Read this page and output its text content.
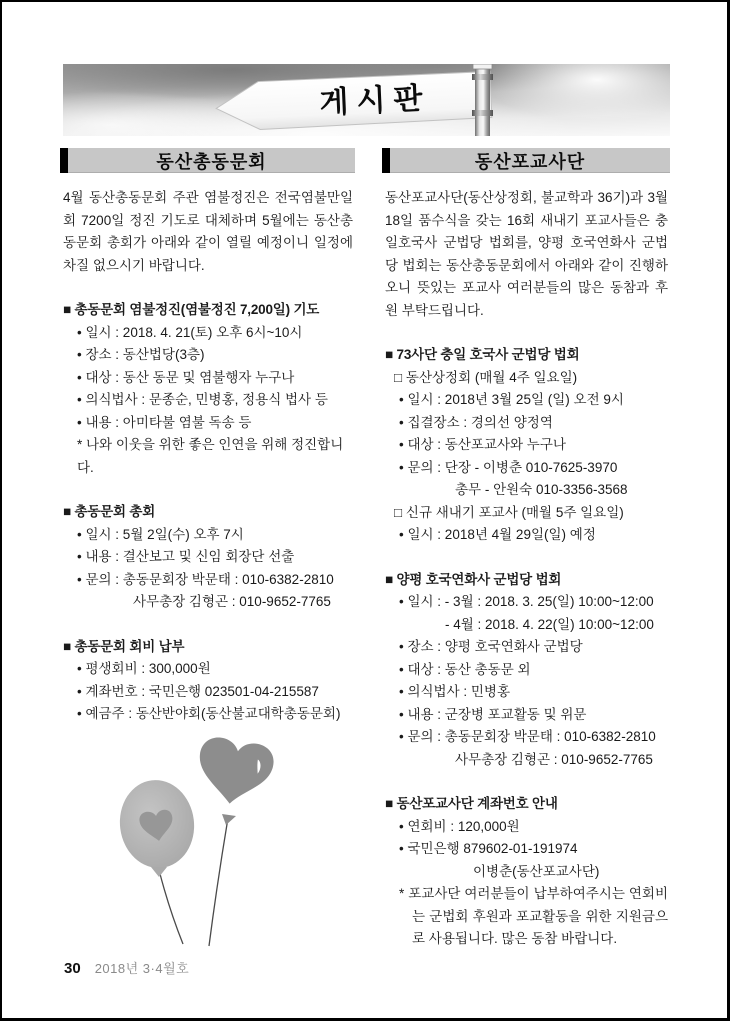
게시판
동산총동문회

4월 동산총동문회 주관 염불정진은 전국염불만일회 7200일 정진 기도로 대체하며 5월에는 동산총동문회 총회가 아래와 같이 열릴 예정이니 일정에 차질 없으시기 바랍니다.

■ 총동문회 염불정진(염불정진 7,200일) 기도
• 일시 : 2018. 4. 21(토) 오후 6시~10시
• 장소 : 동산법당(3층)
• 대상 : 동산 동문 및 염불행자 누구나
• 의식법사 : 문종순, 민병홍, 정용식 법사 등
• 내용 : 아미타불 염불 독송 등
* 나와 이웃을 위한 좋은 인연을 위해 정진합니다.
■ 총동문회 총회
• 일시 : 5월 2일(수) 오후 7시
• 내용 : 결산보고 및 신임 회장단 선출
• 문의 : 총동문회장 박문태 : 010-6382-2810
사무총장 김형곤 : 010-9652-7765
■ 총동문회 회비 납부
• 평생회비 : 300,000원
• 계좌번호 : 국민은행 023501-04-215587
• 예금주 : 동산반야회(동산불교대학총동문회)
동산포교사단

동산포교사단(동산상정회, 불교학과 36기)과 3월 18일 품수식을 갖는 16회 새내기 포교사들은 충일호국사 군법당 법회를, 양평 호국연화사 군법당 법회는 동산총동문회에서 아래와 같이 진행하오니 뜻있는 포교사 여러분들의 많은 동참과 후원 부탁드립니다.

■ 73사단 충일 호국사 군법당 법회
□ 동산상정회 (매월 4주 일요일)
• 일시 : 2018년 3월 25일 (일) 오전 9시
• 집결장소 : 경의선 양정역
• 대상 : 동산포교사와 누구나
• 문의 : 단장 - 이병춘 010-7625-3970
총무 - 안원숙 010-3356-3568
□ 신규 새내기 포교사 (매월 5주 일요일)
• 일시 : 2018년 4월 29일(일) 예정
■ 양평 호국연화사 군법당 법회
• 일시 : - 3월 : 2018. 3. 25(일) 10:00~12:00
- 4월 : 2018. 4. 22(일) 10:00~12:00
• 장소 : 양평 호국연화사 군법당
• 대상 : 동산 총동문 외
• 의식법사 : 민병홍
• 내용 : 군장병 포교활동 및 위문
• 문의 : 총동문회장 박문태 : 010-6382-2810
사무총장 김형곤 : 010-9652-7765
■ 동산포교사단 계좌번호 안내
• 연회비 : 120,000원
• 국민은행 879602-01-191974
이병춘(동산포교사단)
* 포교사단 여러분들이 납부하여주시는 연회비는 군법회 후원과 포교활동을 위한 지원금으로 사용됩니다. 많은 동참 바랍니다.
30 2018년 3·4월호
